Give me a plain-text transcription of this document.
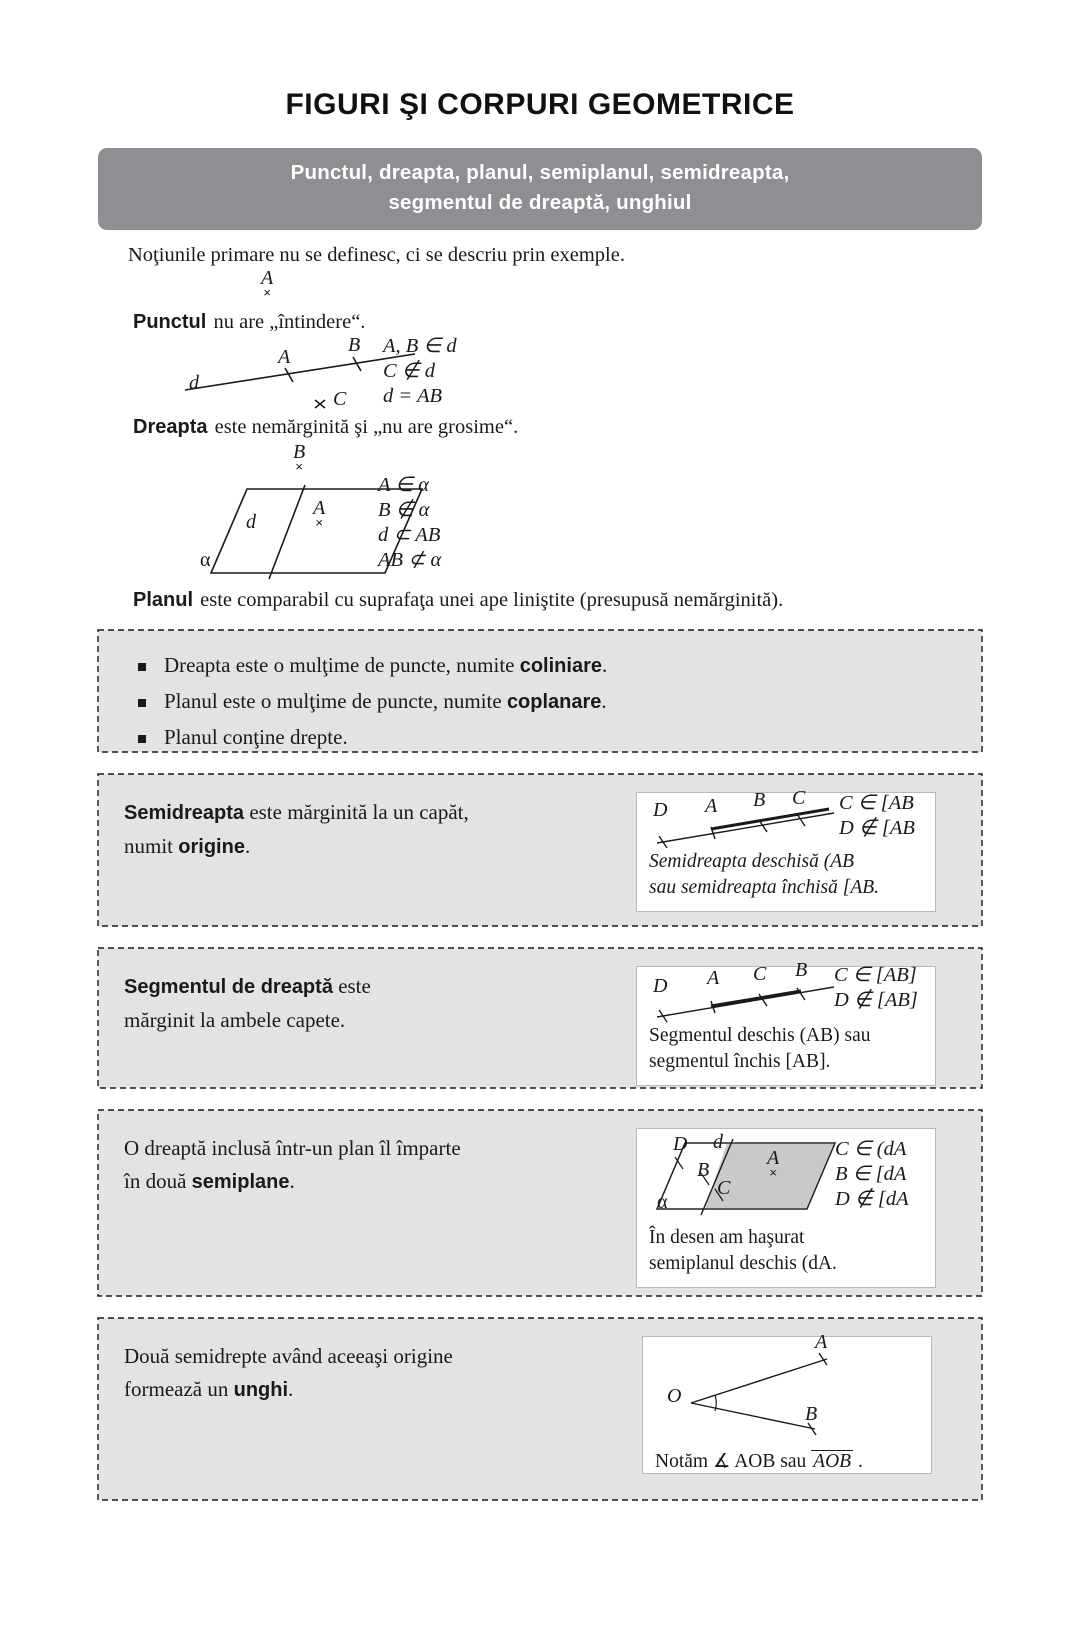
FIGURI ŞI CORPURI GEOMETRICE
Punctul, dreapta, planul, semiplanul, semidreapta,
segmentul de dreaptă, unghiul

Noţiunile primare nu se definesc, ci se descriu prin exemple.

A
×
Punctul nu are „întindere“.
d
A
B
C
A, B ∈ d
C ∉ d
d = AB
Dreapta este nemărginită şi „nu are grosime“.
B
×
d
A
×
α
A ∈ α
B ∉ α
d ⊂ AB
AB ⊄ α
Planul este comparabil cu suprafaţa unei ape liniştite (presupusă nemărginită).
Dreapta este o mulţime de puncte, numite coliniare.
Planul este o mulţime de puncte, numite coplanare.
Planul conţine drepte.
Semidreapta este mărginită la un capăt,
numit origine.
D A B C C ∈ [AB
D ∉ [AB
Semidreapta deschisă (AB
sau semidreapta închisă [AB.
Segmentul de dreaptă este
mărginit la ambele capete.
D A C B C ∈ [AB]
D ∉ [AB]
Segmentul deschis (AB) sau
segmentul închis [AB].
O dreaptă inclusă într-un plan îl împarte
în două semiplane.
D d
B
C
A
×
α
C ∈ (dA
B ∈ [dA
D ∉ [dA
În desen am haşurat
semiplanul deschis (dA.
Două semidrepte având aceeaşi origine
formează un unghi.
A
B
O
Notăm ∡ AOB sau AOB .
